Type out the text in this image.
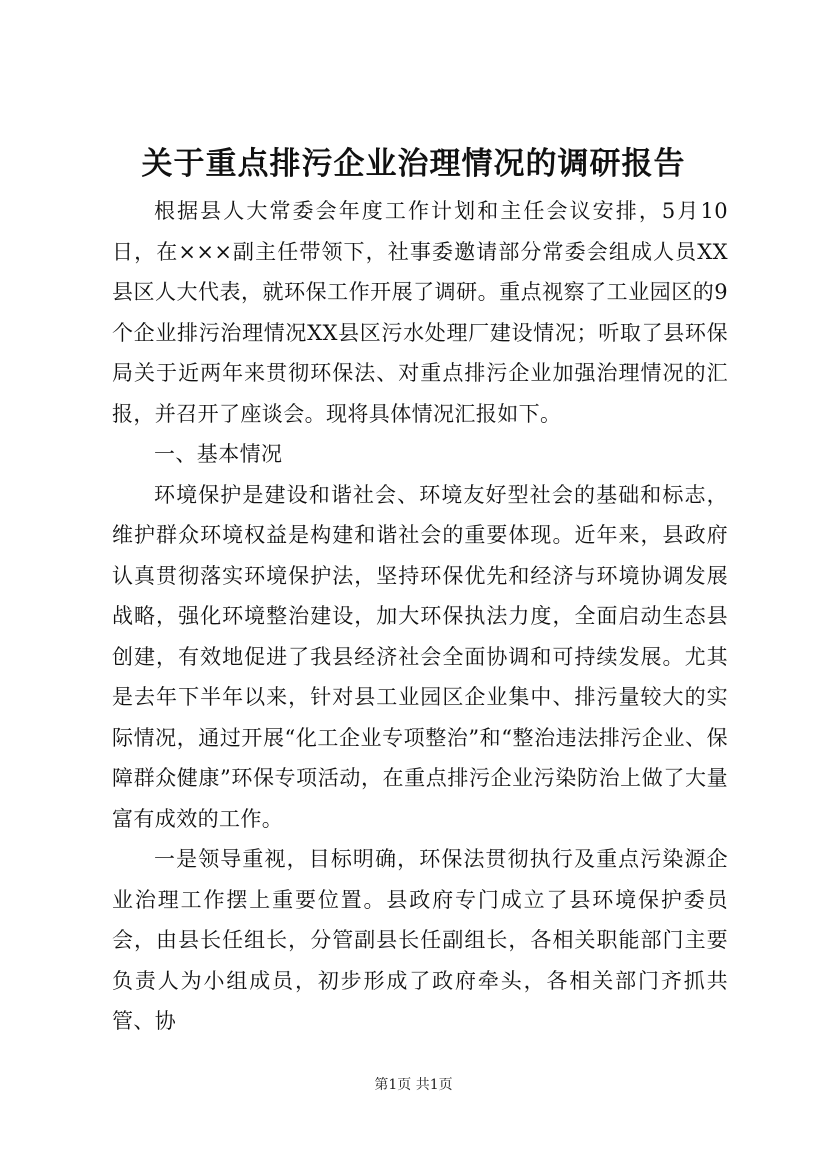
关于重点排污企业治理情况的调研报告

根据县人大常委会年度工作计划和主任会议安排，5月10日，在×××副主任带领下，社事委邀请部分常委会组成人员XX县区人大代表，就环保工作开展了调研。重点视察了工业园区的9个企业排污治理情况XX县区污水处理厂建设情况；听取了县环保局关于近两年来贯彻环保法、对重点排污企业加强治理情况的汇报，并召开了座谈会。现将具体情况汇报如下。

一、基本情况

环境保护是建设和谐社会、环境友好型社会的基础和标志，维护群众环境权益是构建和谐社会的重要体现。近年来，县政府认真贯彻落实环境保护法，坚持环保优先和经济与环境协调发展战略，强化环境整治建设，加大环保执法力度，全面启动生态县创建，有效地促进了我县经济社会全面协调和可持续发展。尤其是去年下半年以来，针对县工业园区企业集中、排污量较大的实际情况，通过开展“化工企业专项整治”和“整治违法排污企业、保障群众健康”环保专项活动，在重点排污企业污染防治上做了大量富有成效的工作。

一是领导重视，目标明确，环保法贯彻执行及重点污染源企业治理工作摆上重要位置。县政府专门成立了县环境保护委员会，由县长任组长，分管副县长任副组长，各相关职能部门主要负责人为小组成员，初步形成了政府牵头，各相关部门齐抓共管、协

第1页 共1页
